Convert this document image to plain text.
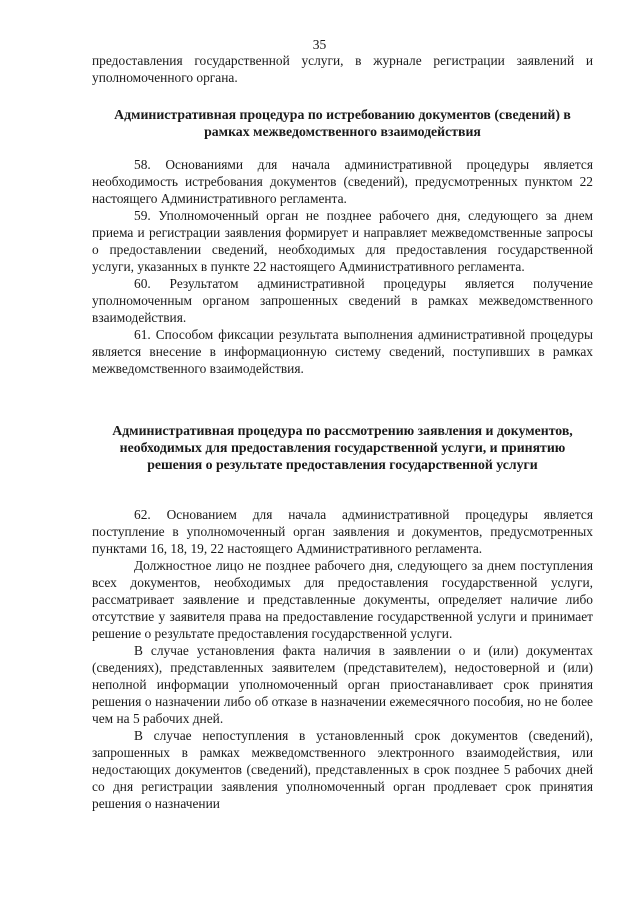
35

предоставления государственной услуги, в журнале регистрации заявлений и уполномоченного органа.

Административная процедура по истребованию документов (сведений) в рамках межведомственного взаимодействия

58. Основаниями для начала административной процедуры является необходимость истребования документов (сведений), предусмотренных пунктом 22 настоящего Административного регламента.

59. Уполномоченный орган не позднее рабочего дня, следующего за днем приема и регистрации заявления формирует и направляет межведомственные запросы о предоставлении сведений, необходимых для предоставления государственной услуги, указанных в пункте 22 настоящего Административного регламента.

60. Результатом административной процедуры является получение уполномоченным органом запрошенных сведений в рамках межведомственного взаимодействия.

61. Способом фиксации результата выполнения административной процедуры является внесение в информационную систему сведений, поступивших в рамках межведомственного взаимодействия.

Административная процедура по рассмотрению заявления и документов, необходимых для предоставления государственной услуги, и принятию решения о результате предоставления государственной услуги

62. Основанием для начала административной процедуры является поступление в уполномоченный орган заявления и документов, предусмотренных пунктами 16, 18, 19, 22 настоящего Административного регламента.

Должностное лицо не позднее рабочего дня, следующего за днем поступления всех документов, необходимых для предоставления государственной услуги, рассматривает заявление и представленные документы, определяет наличие либо отсутствие у заявителя права на предоставление государственной услуги и принимает решение о результате предоставления государственной услуги.

В случае установления факта наличия в заявлении о и (или) документах (сведениях), представленных заявителем (представителем), недостоверной и (или) неполной информации уполномоченный орган приостанавливает срок принятия решения о назначении либо об отказе в назначении ежемесячного пособия, но не более чем на 5 рабочих дней.

В случае непоступления в установленный срок документов (сведений), запрошенных в рамках межведомственного электронного взаимодействия, или недостающих документов (сведений), представленных в срок позднее 5 рабочих дней со дня регистрации заявления уполномоченный орган продлевает срок принятия решения о назначении
